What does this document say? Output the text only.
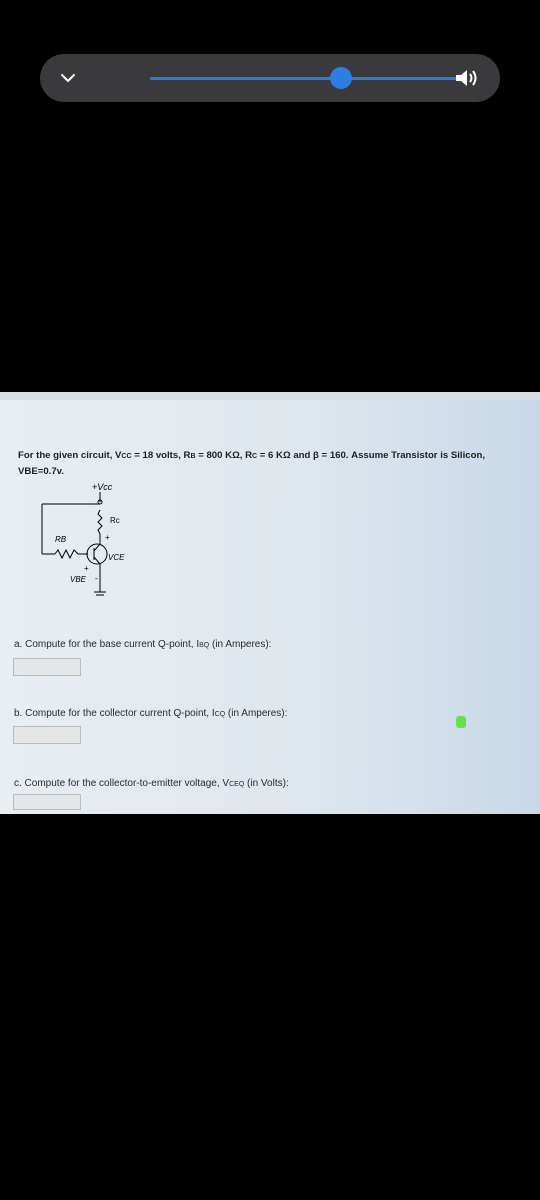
For the given circuit, VCC = 18 volts, RB = 800 KΩ, RC = 6 KΩ and β = 160. Assume Transistor is Silicon,
VBE=0.7v.
+Vcc
Rc
RB	+
VCE
+
VBE -
a. Compute for the base current Q-point, IBQ (in Amperes):
b. Compute for the collector current Q-point, ICQ (in Amperes):
c. Compute for the collector-to-emitter voltage, VCEQ (in Volts):
